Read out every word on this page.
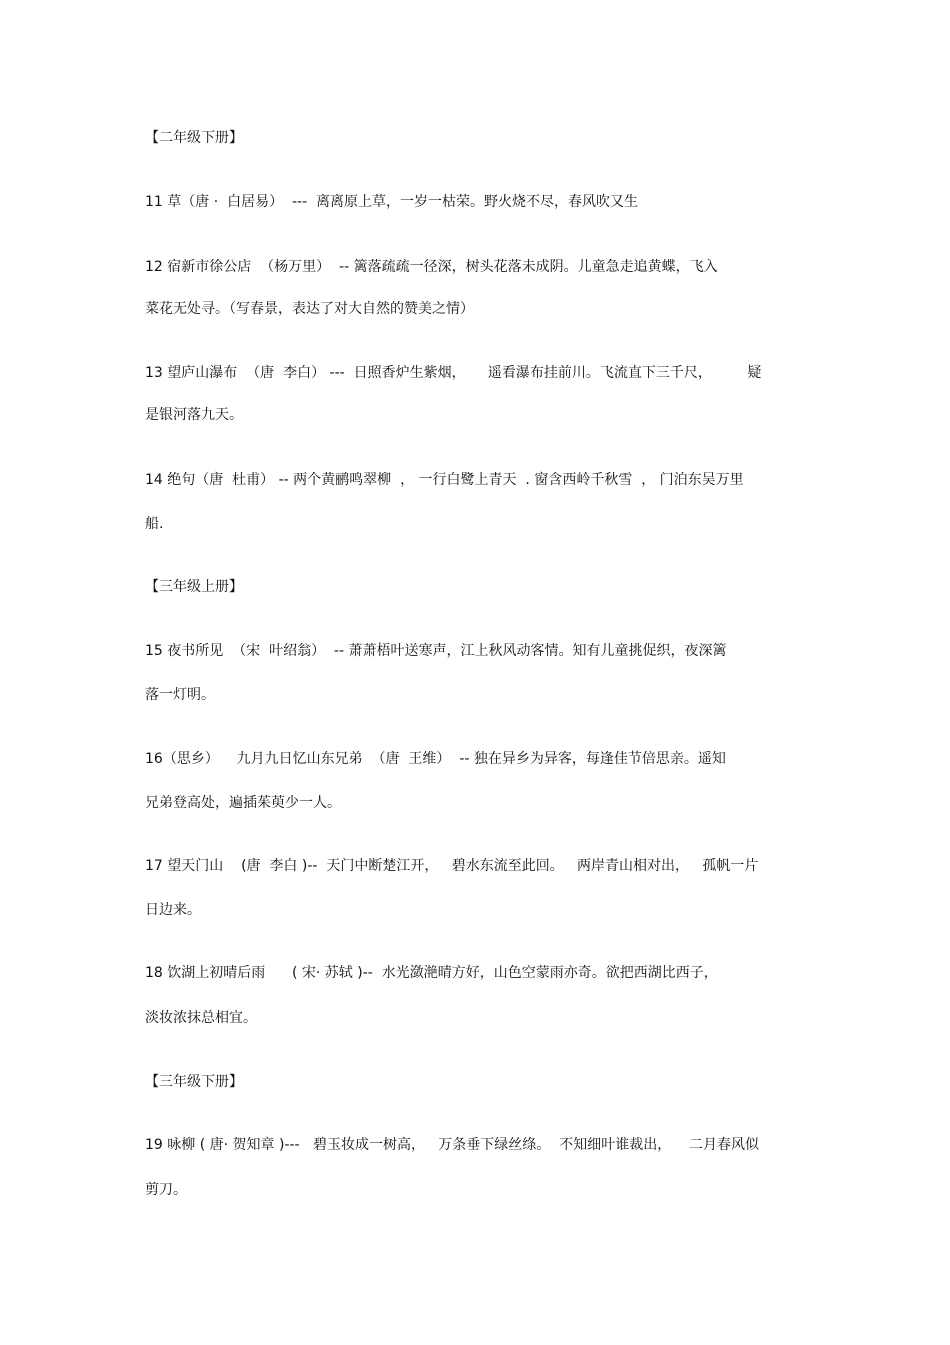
【二年级下册】
11 草（唐 ·  白居易）  ---  离离原上草，一岁一枯荣。野火烧不尽，春风吹又生
12 宿新市徐公店  （杨万里）  -- 篱落疏疏一径深，树头花落未成阴。儿童急走追黄蝶，飞入
菜花无处寻。（写春景，表达了对大自然的赞美之情）
13 望庐山瀑布  （唐  李白） ---  日照香炉生紫烟，     遥看瀑布挂前川。飞流直下三千尺，        疑
是银河落九天。
14 绝句（唐  杜甫） -- 两个黄鹂鸣翠柳  ， 一行白鹭上青天  . 窗含西岭千秋雪  ， 门泊东吴万里
船.
【三年级上册】
15 夜书所见  （宋  叶绍翁）  -- 萧萧梧叶送寒声，江上秋风动客情。知有儿童挑促织，夜深篱
落一灯明。
16（思乡）    九月九日忆山东兄弟  （唐  王维）  -- 独在异乡为异客，每逢佳节倍思亲。遥知
兄弟登高处，遍插茱萸少一人。
17 望天门山    (唐  李白 )--  天门中断楚江开，   碧水东流至此回。   两岸青山相对出，   孤帆一片
日边来。
18 饮湖上初晴后雨      ( 宋· 苏轼 )--  水光潋滟晴方好，山色空蒙雨亦奇。欲把西湖比西子，
淡妆浓抹总相宜。
【三年级下册】
19 咏柳 ( 唐· 贺知章 )---   碧玉妆成一树高，   万条垂下绿丝绦。  不知细叶谁裁出，    二月春风似
剪刀。
